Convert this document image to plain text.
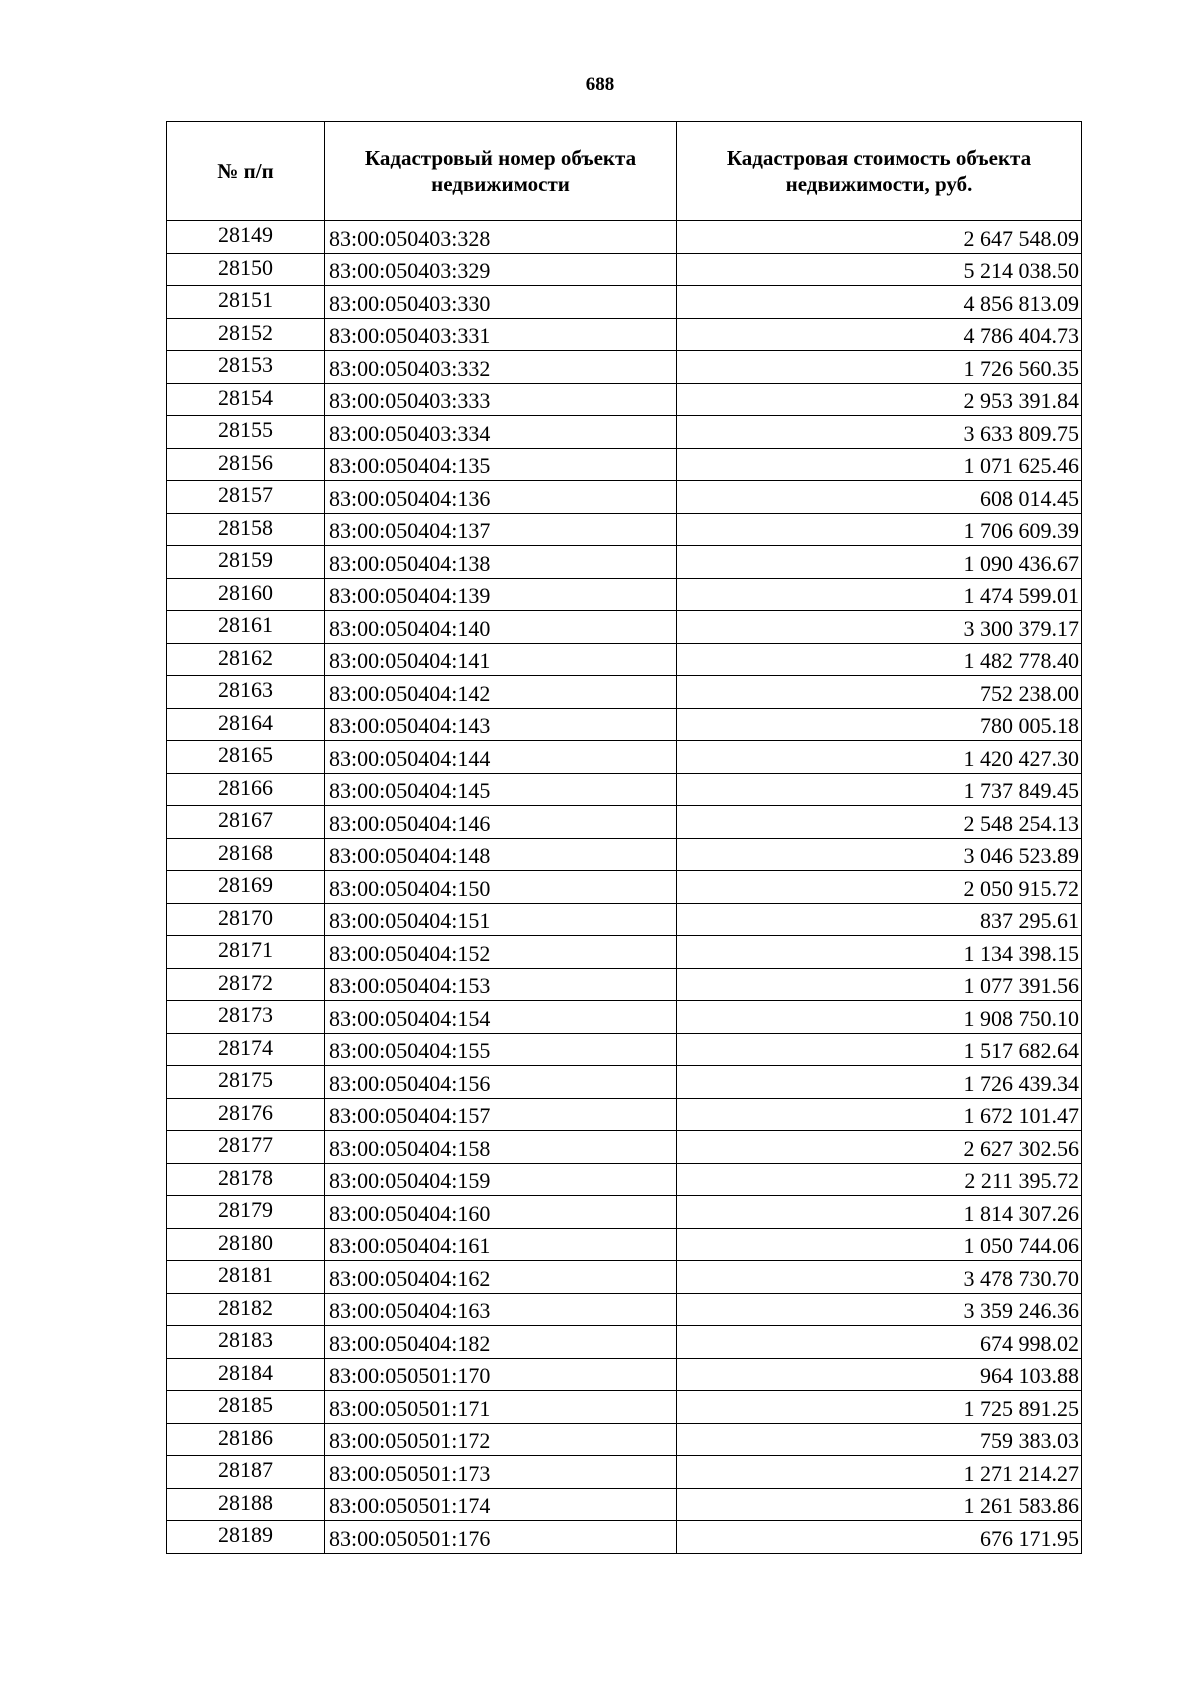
688
№ п/п	Кадастровый номер объекта недвижимости	Кадастровая стоимость объекта недвижимости, руб.
28149	83:00:050403:328	2 647 548.09
28150	83:00:050403:329	5 214 038.50
28151	83:00:050403:330	4 856 813.09
28152	83:00:050403:331	4 786 404.73
28153	83:00:050403:332	1 726 560.35
28154	83:00:050403:333	2 953 391.84
28155	83:00:050403:334	3 633 809.75
28156	83:00:050404:135	1 071 625.46
28157	83:00:050404:136	608 014.45
28158	83:00:050404:137	1 706 609.39
28159	83:00:050404:138	1 090 436.67
28160	83:00:050404:139	1 474 599.01
28161	83:00:050404:140	3 300 379.17
28162	83:00:050404:141	1 482 778.40
28163	83:00:050404:142	752 238.00
28164	83:00:050404:143	780 005.18
28165	83:00:050404:144	1 420 427.30
28166	83:00:050404:145	1 737 849.45
28167	83:00:050404:146	2 548 254.13
28168	83:00:050404:148	3 046 523.89
28169	83:00:050404:150	2 050 915.72
28170	83:00:050404:151	837 295.61
28171	83:00:050404:152	1 134 398.15
28172	83:00:050404:153	1 077 391.56
28173	83:00:050404:154	1 908 750.10
28174	83:00:050404:155	1 517 682.64
28175	83:00:050404:156	1 726 439.34
28176	83:00:050404:157	1 672 101.47
28177	83:00:050404:158	2 627 302.56
28178	83:00:050404:159	2 211 395.72
28179	83:00:050404:160	1 814 307.26
28180	83:00:050404:161	1 050 744.06
28181	83:00:050404:162	3 478 730.70
28182	83:00:050404:163	3 359 246.36
28183	83:00:050404:182	674 998.02
28184	83:00:050501:170	964 103.88
28185	83:00:050501:171	1 725 891.25
28186	83:00:050501:172	759 383.03
28187	83:00:050501:173	1 271 214.27
28188	83:00:050501:174	1 261 583.86
28189	83:00:050501:176	676 171.95
